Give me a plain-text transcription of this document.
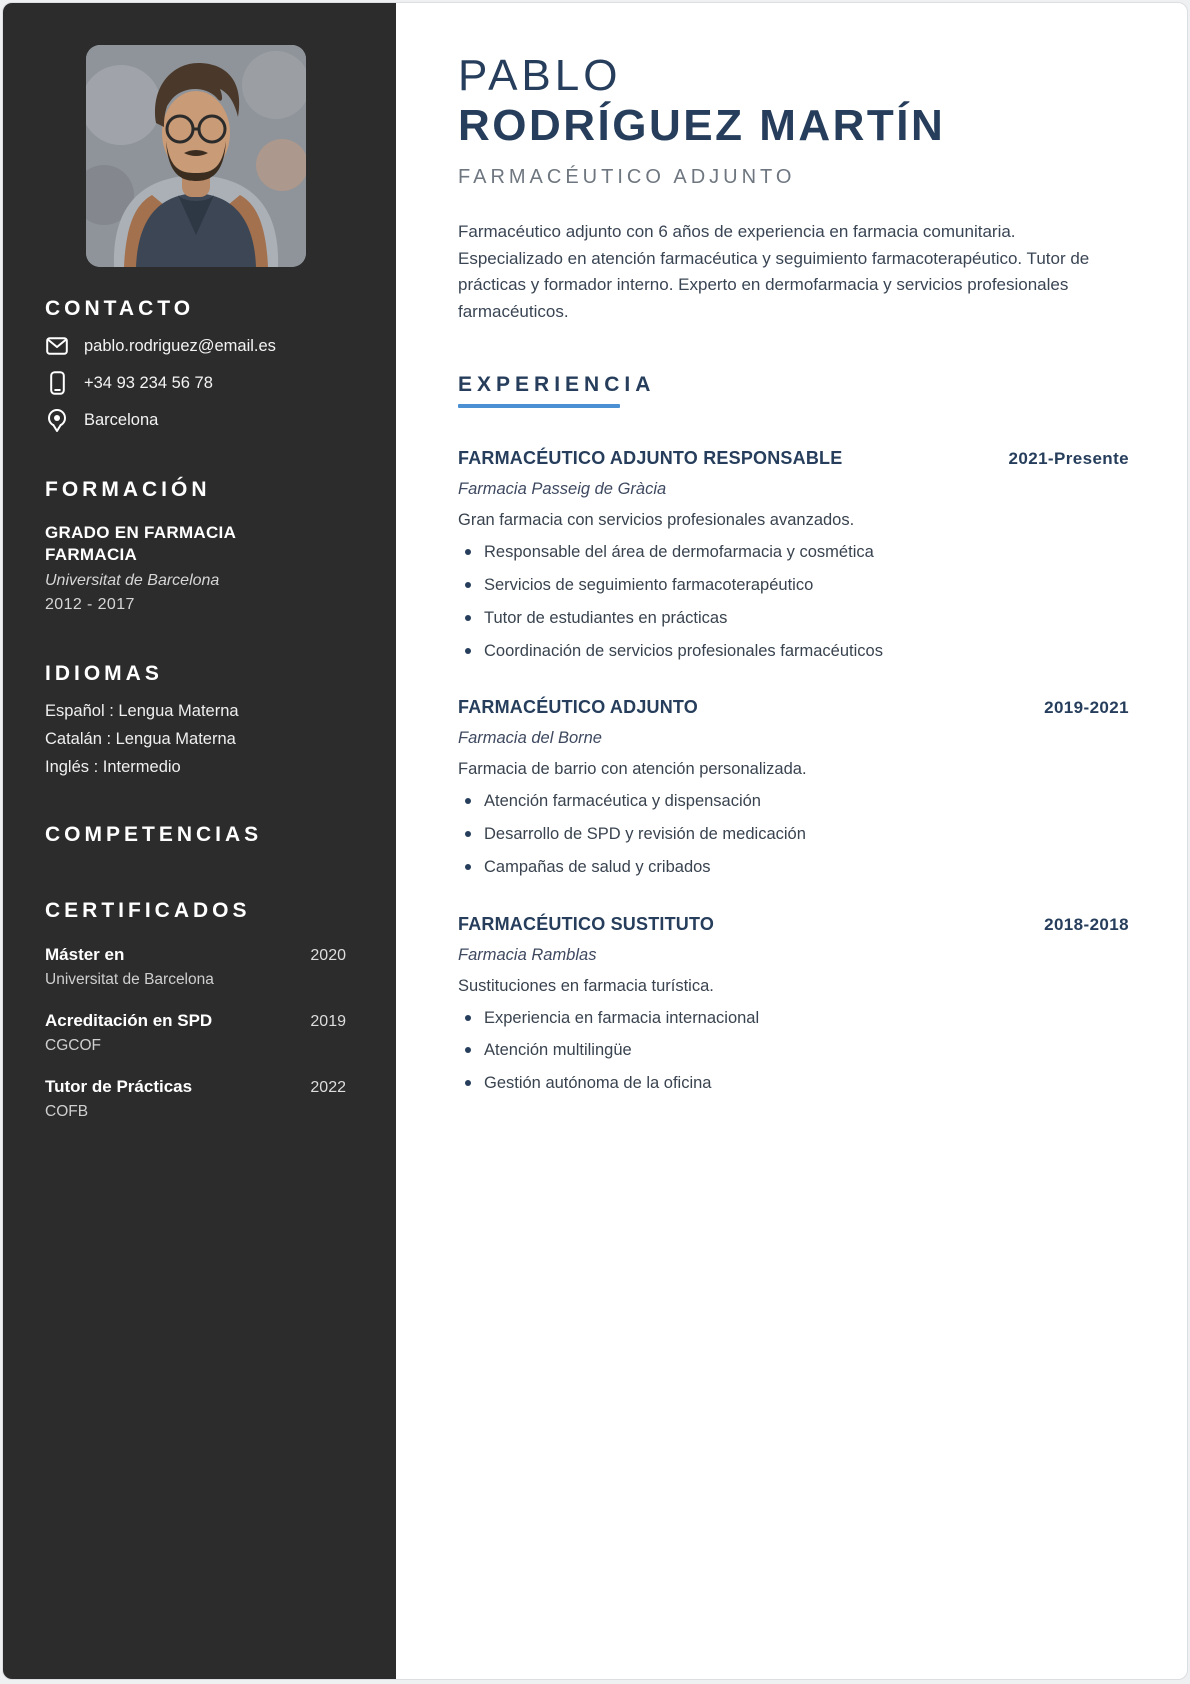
CONTACTO
pablo.rodriguez@email.es
+34 93 234 56 78
Barcelona
FORMACIÓN
GRADO EN FARMACIA
FARMACIA
Universitat de Barcelona
2012 - 2017
IDIOMAS
Español : Lengua Materna
Catalán : Lengua Materna
Inglés : Intermedio
COMPETENCIAS
CERTIFICADOS
Máster en	2020
Universitat de Barcelona
Acreditación en SPD	2019
CGCOF
Tutor de Prácticas	2022
COFB
PABLO
RODRÍGUEZ MARTÍN
FARMACÉUTICO ADJUNTO

Farmacéutico adjunto con 6 años de experiencia en farmacia comunitaria. Especializado en atención farmacéutica y seguimiento farmacoterapéutico. Tutor de prácticas y formador interno. Experto en dermofarmacia y servicios profesionales farmacéuticos.

EXPERIENCIA
FARMACÉUTICO ADJUNTO RESPONSABLE	2021-Presente
Farmacia Passeig de Gràcia
Gran farmacia con servicios profesionales avanzados.
Responsable del área de dermofarmacia y cosmética
Servicios de seguimiento farmacoterapéutico
Tutor de estudiantes en prácticas
Coordinación de servicios profesionales farmacéuticos
FARMACÉUTICO ADJUNTO	2019-2021
Farmacia del Borne
Farmacia de barrio con atención personalizada.
Atención farmacéutica y dispensación
Desarrollo de SPD y revisión de medicación
Campañas de salud y cribados
FARMACÉUTICO SUSTITUTO	2018-2018
Farmacia Ramblas
Sustituciones en farmacia turística.
Experiencia en farmacia internacional
Atención multilingüe
Gestión autónoma de la oficina
